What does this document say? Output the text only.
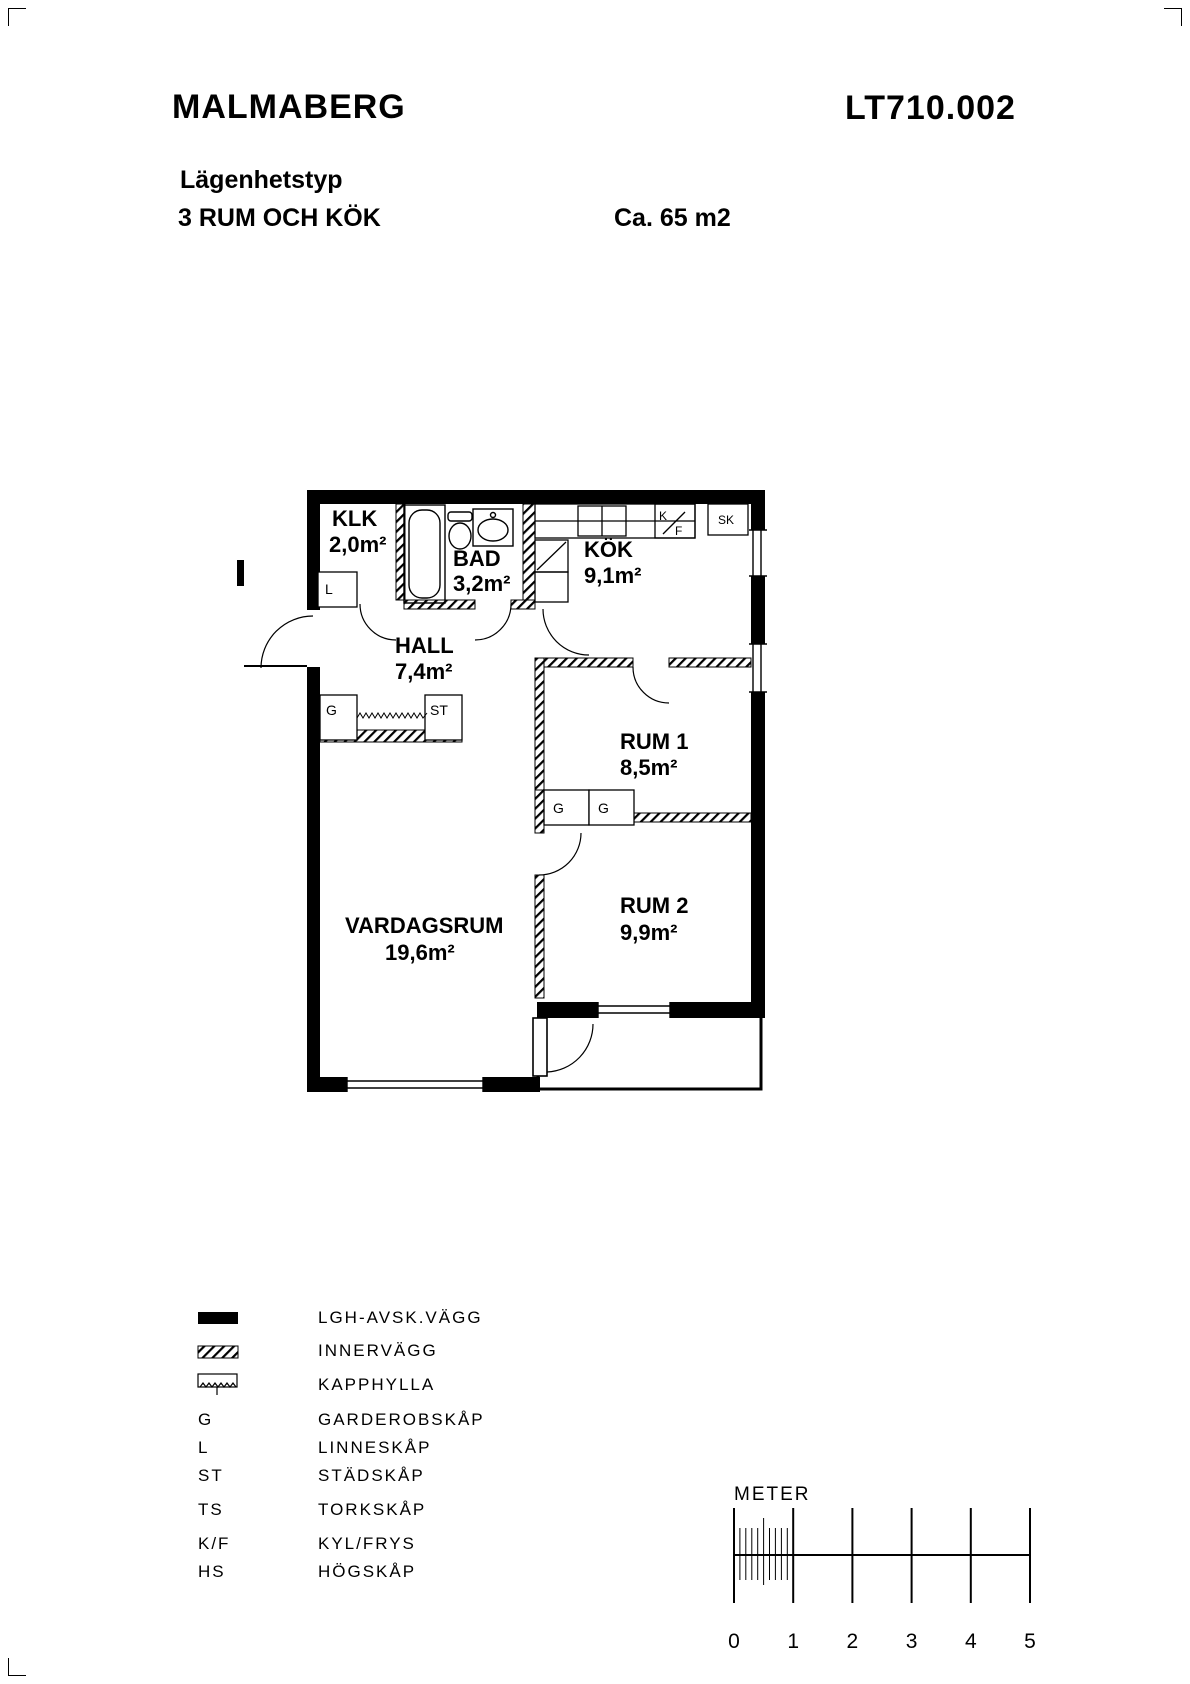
MALMABERG	LT710.002
Lägenhetstyp
3 RUM OCH KÖK	Ca. 65 m2
KLK
2,0m²
BAD
3,2m²
KÖK
9,1m²
HALL
7,4m²
RUM 1
8,5m²
VARDAGSRUM
19,6m²
RUM 2
9,9m²
L
G	ST
G G
K
F
SK
LGH-AVSK.VÄGG
INNERVÄGG
KAPPHYLLA
G	GARDEROBSKÅP
L	LINNESKÅP
ST	STÄDSKÅP
TS	TORKSKÅP
K/F	KYL/FRYS
HS	HÖGSKÅP
METER
0 1 2 3 4 5
